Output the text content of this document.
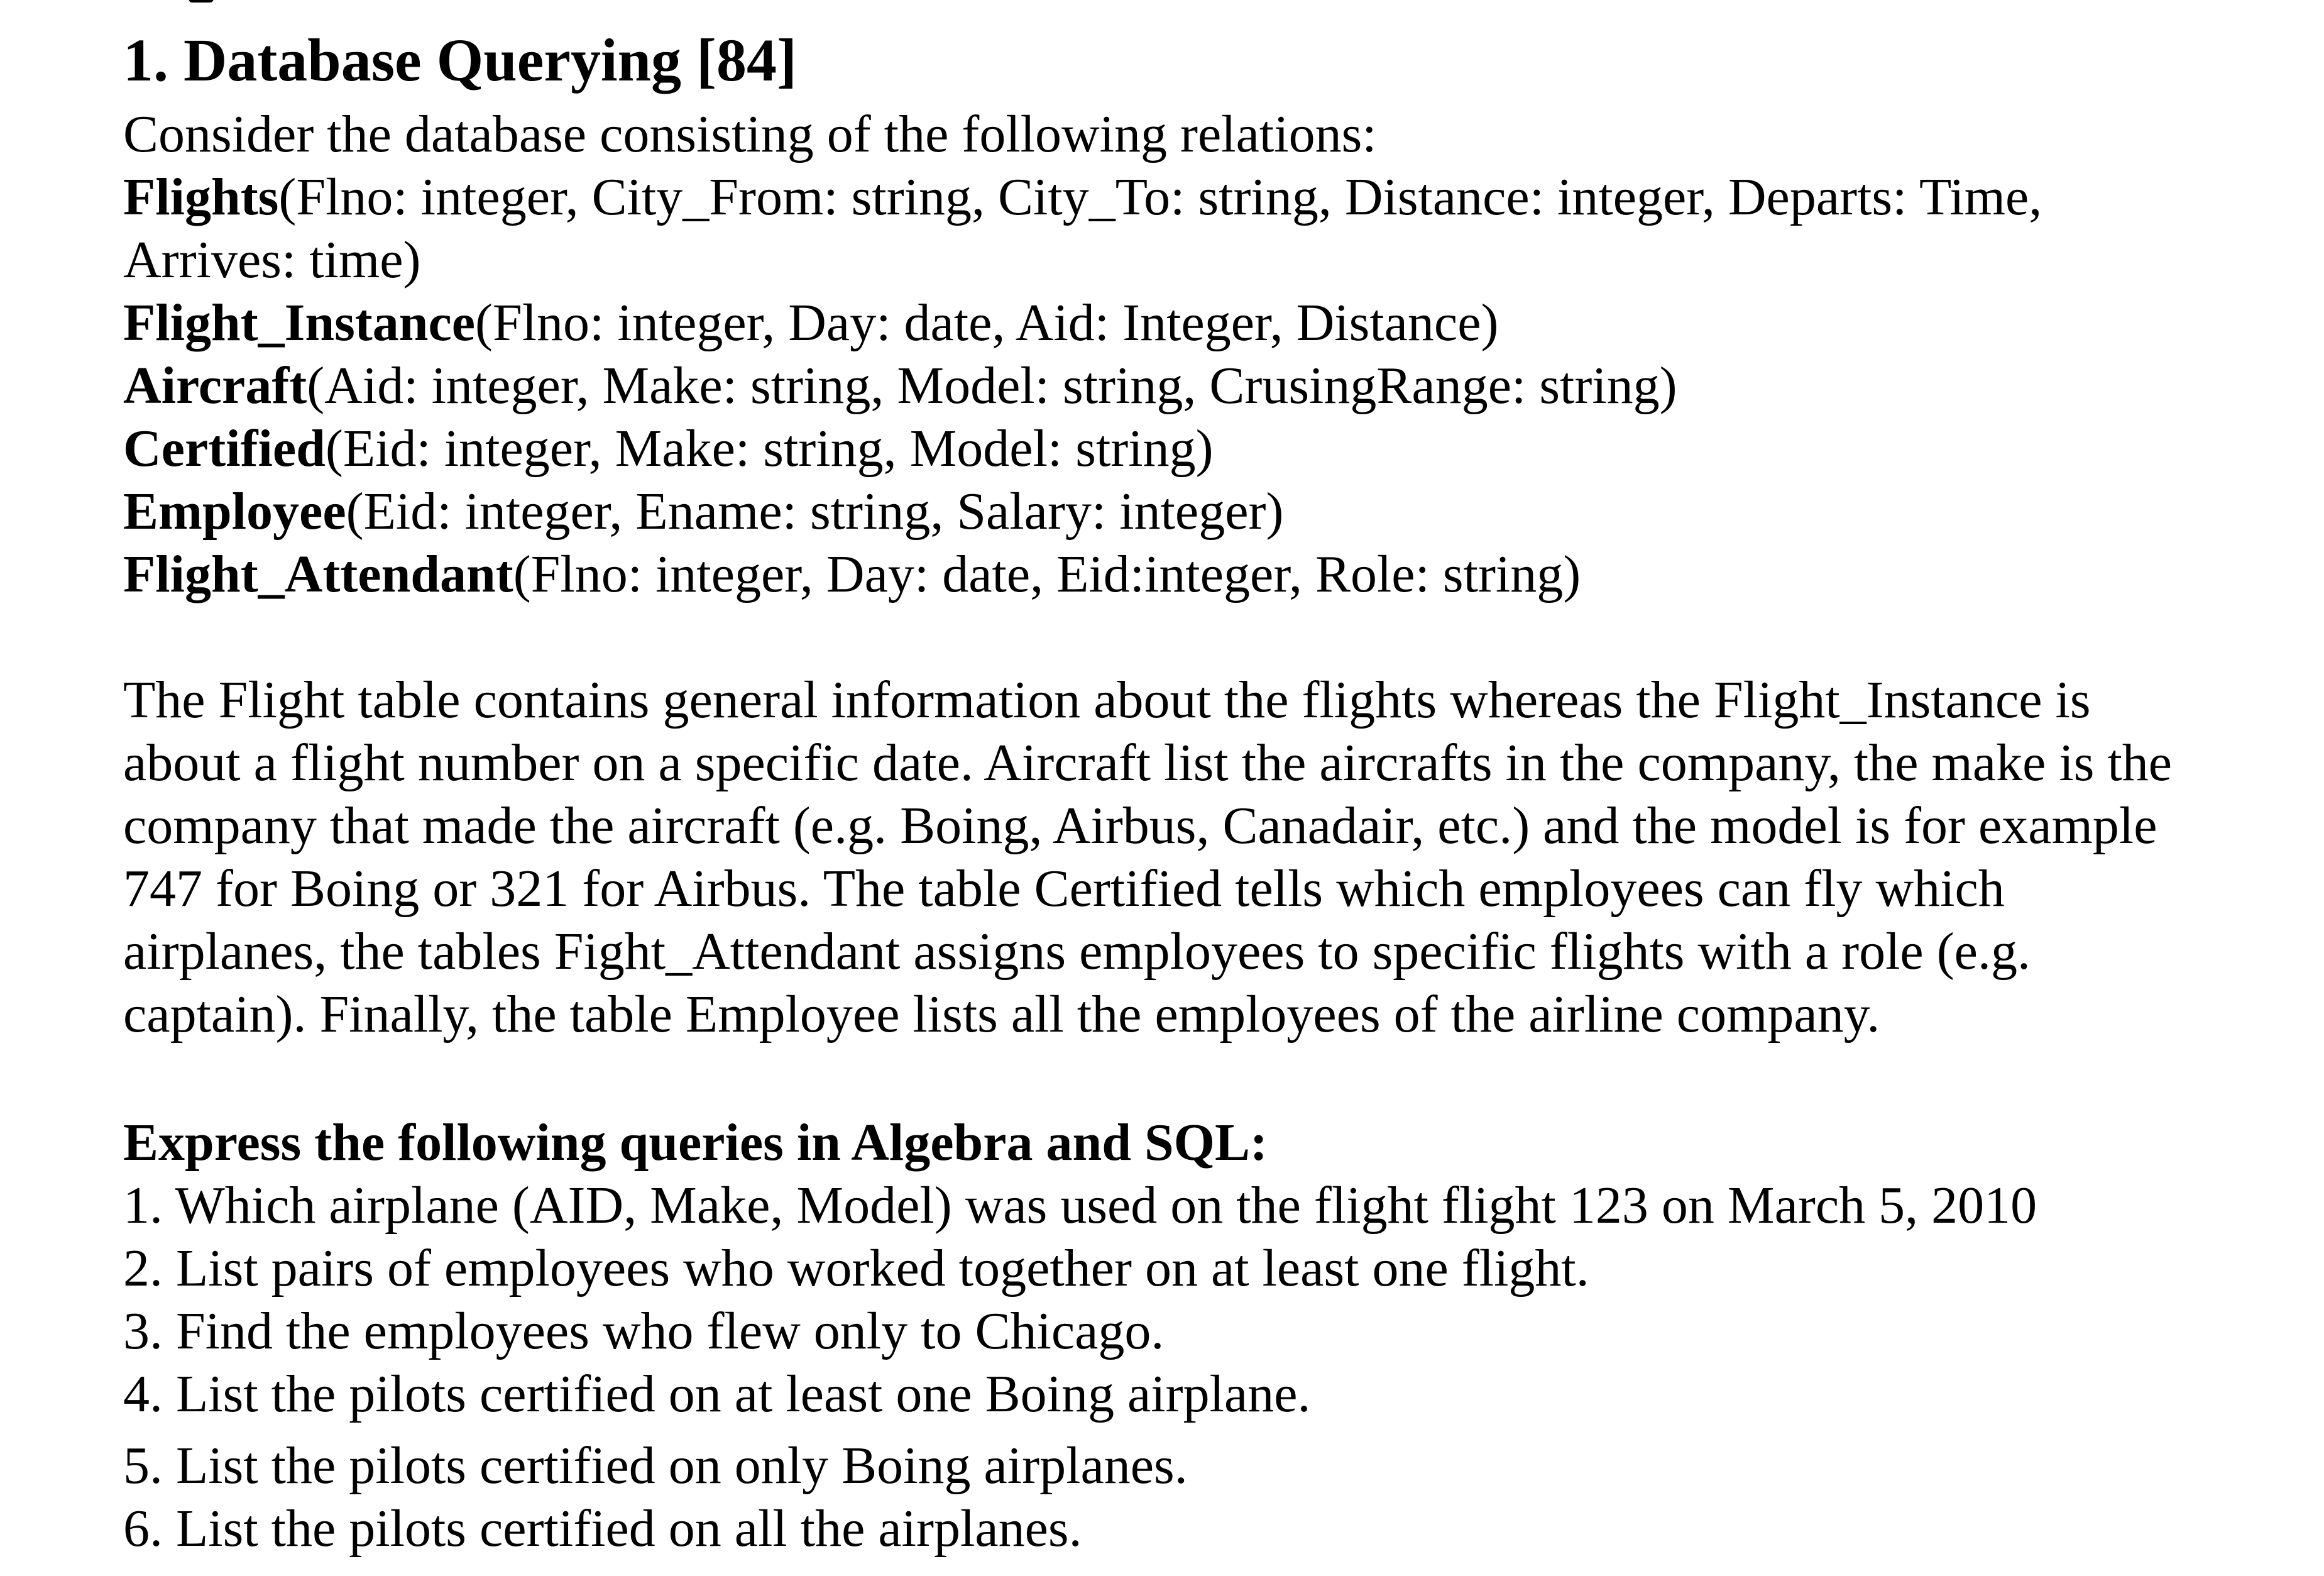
1. Database Querying [84]
Consider the database consisting of the following relations:
Flights(Flno: integer, City_From: string, City_To: string, Distance: integer, Departs: Time,
Arrives: time)
Flight_Instance(Flno: integer, Day: date, Aid: Integer, Distance)
Aircraft(Aid: integer, Make: string, Model: string, CrusingRange: string)
Certified(Eid: integer, Make: string, Model: string)
Employee(Eid: integer, Ename: string, Salary: integer)
Flight_Attendant(Flno: integer, Day: date, Eid:integer, Role: string)
The Flight table contains general information about the flights whereas the Flight_Instance is
about a flight number on a specific date. Aircraft list the aircrafts in the company, the make is the
company that made the aircraft (e.g. Boing, Airbus, Canadair, etc.) and the model is for example
747 for Boing or 321 for Airbus. The table Certified tells which employees can fly which
airplanes, the tables Fight_Attendant assigns employees to specific flights with a role (e.g.
captain). Finally, the table Employee lists all the employees of the airline company.
Express the following queries in Algebra and SQL:
1. Which airplane (AID, Make, Model) was used on the flight flight 123 on March 5, 2010
2. List pairs of employees who worked together on at least one flight.
3. Find the employees who flew only to Chicago.
4. List the pilots certified on at least one Boing airplane.
5. List the pilots certified on only Boing airplanes.
6. List the pilots certified on all the airplanes.
